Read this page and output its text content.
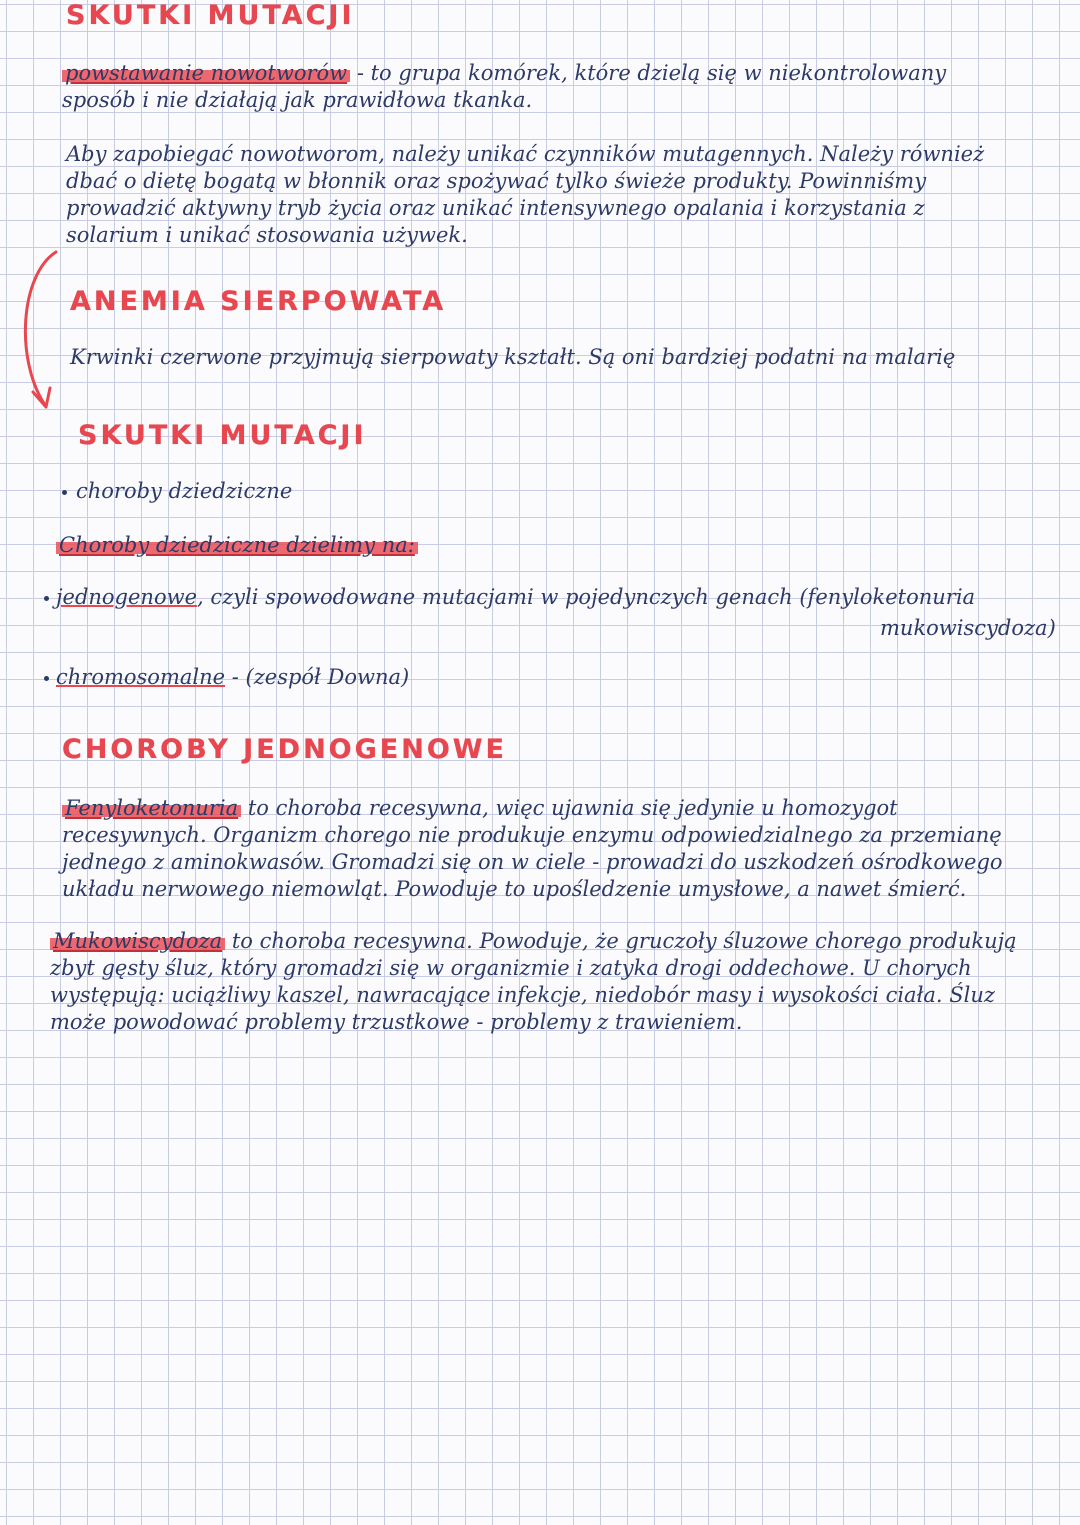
SKUTKI MUTACJI

powstawanie nowotworów - to grupa komórek, które dzielą się w niekontrolowany sposób i nie działają jak prawidłowa tkanka.

Aby zapobiegać nowotworom, należy unikać czynników mutagennych. Należy również dbać o dietę bogatą w błonnik oraz spożywać tylko świeże produkty. Powinniśmy prowadzić aktywny tryb życia oraz unikać intensywnego opalania i korzystania z solarium i unikać stosowania używek.

ANEMIA SIERPOWATA

Krwinki czerwone przyjmują sierpowaty kształt. Są oni bardziej podatni na malarię

SKUTKI MUTACJI

choroby dziedziczne

Choroby dziedziczne dzielimy na:

jednogenowe, czyli spowodowane mutacjami w pojedynczych genach (fenyloketonuria

mukowiscydoza)

chromosomalne - (zespół Downa)

CHOROBY JEDNOGENOWE

Fenyloketonuria to choroba recesywna, więc ujawnia się jedynie u homozygot recesywnych. Organizm chorego nie produkuje enzymu odpowiedzialnego za przemianę jednego z aminokwasów. Gromadzi się on w ciele - prowadzi do uszkodzeń ośrodkowego układu nerwowego niemowląt. Powoduje to upośledzenie umysłowe, a nawet śmierć.

Mukowiscydoza to choroba recesywna. Powoduje, że gruczoły śluzowe chorego produkują zbyt gęsty śluz, który gromadzi się w organizmie i zatyka drogi oddechowe. U chorych występują: uciążliwy kaszel, nawracające infekcje, niedobór masy i wysokości ciała. Śluz może powodować problemy trzustkowe - problemy z trawieniem.
